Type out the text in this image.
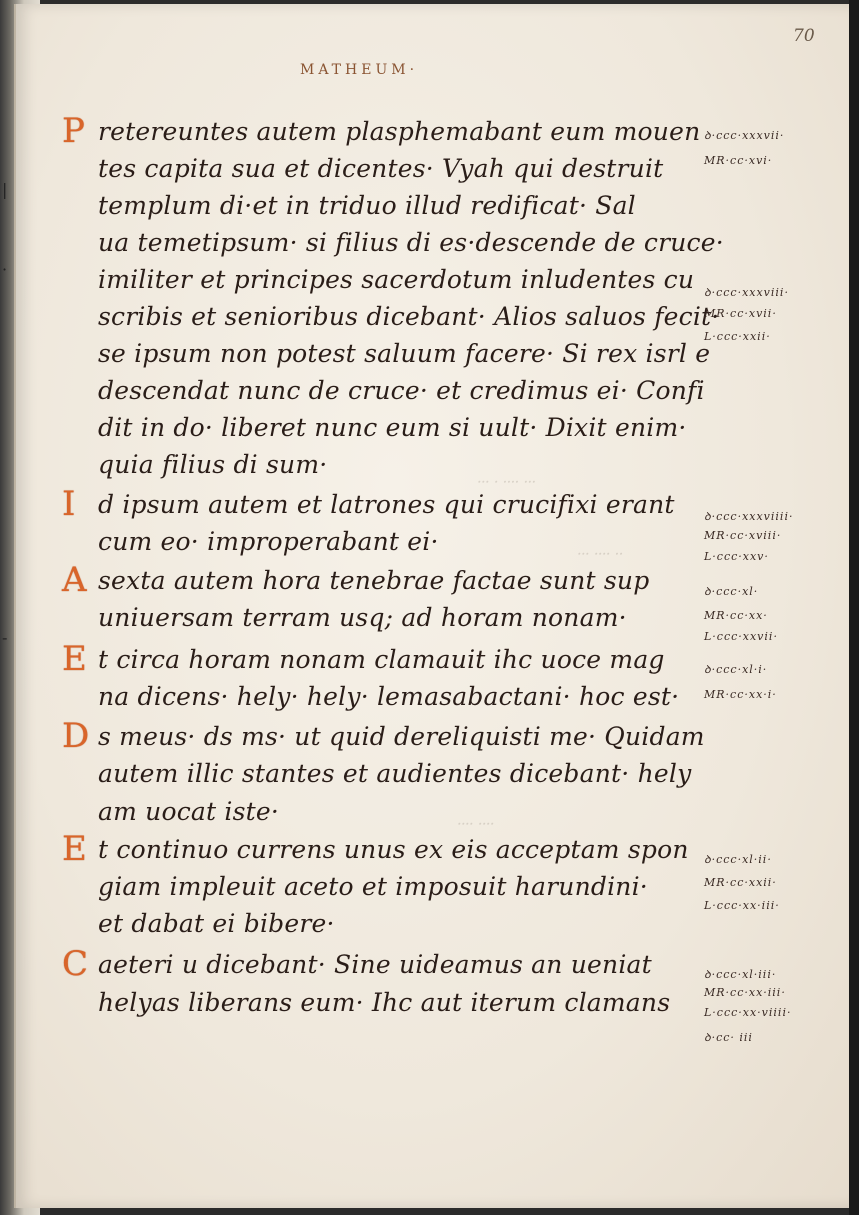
⸱⸱⸱ ⸱ ⸱⸱⸱⸱ ⸱⸱⸱
⸱⸱⸱ ⸱⸱⸱⸱ ⸱⸱
⸱⸱⸱⸱ ⸱⸱⸱⸱
|
·
-
70
MATHEUM·
P retereuntes autem plasphemabant eum mouen
tes capita sua et dicentes· Vyah qui destruit
templum di·et in triduo illud redificat· Sal
ua temetipsum· si filius di es·descende de cruce·
imiliter et principes sacerdotum inludentes cu
scribis et senioribus dicebant· Alios saluos fecit·
se ipsum non potest saluum facere· Si rex isrl e
descendat nunc de cruce· et credimus ei· Confi
dit in do· liberet nunc eum si uult· Dixit enim·
quia filius di sum·
I d ipsum autem et latrones qui crucifixi erant
cum eo· improperabant ei·
A sexta autem hora tenebrae factae sunt sup
uniuersam terram usq; ad horam nonam·
E t circa horam nonam clamauit ihc uoce mag
na dicens· hely· hely· lemasabactani· hoc est·
D s meus· ds ms· ut quid dereliquisti me· Quidam
autem illic stantes et audientes dicebant· hely
am uocat iste·
E t continuo currens unus ex eis acceptam spon
giam impleuit aceto et imposuit harundini·
et dabat ei bibere·
C aeteri u dicebant· Sine uideamus an ueniat
helyas liberans eum· Ihc aut iterum clamans
ꝺ·ccc·xxxvii·
MR·cc·xvi·
ꝺ·ccc·xxxviii·
MR·cc·xvii·
L·ccc·xxii·
ꝺ·ccc·xxxviiii·
MR·cc·xviii·
L·ccc·xxv·
ꝺ·ccc·xl·
MR·cc·xx·
L·ccc·xxvii·
ꝺ·ccc·xl·i·
MR·cc·xx·i·
ꝺ·ccc·xl·ii·
MR·cc·xxii·
L·ccc·xx·iii·
ꝺ·ccc·xl·iii·
MR·cc·xx·iii·
L·ccc·xx·viiii·
ꝺ·cc· iii
